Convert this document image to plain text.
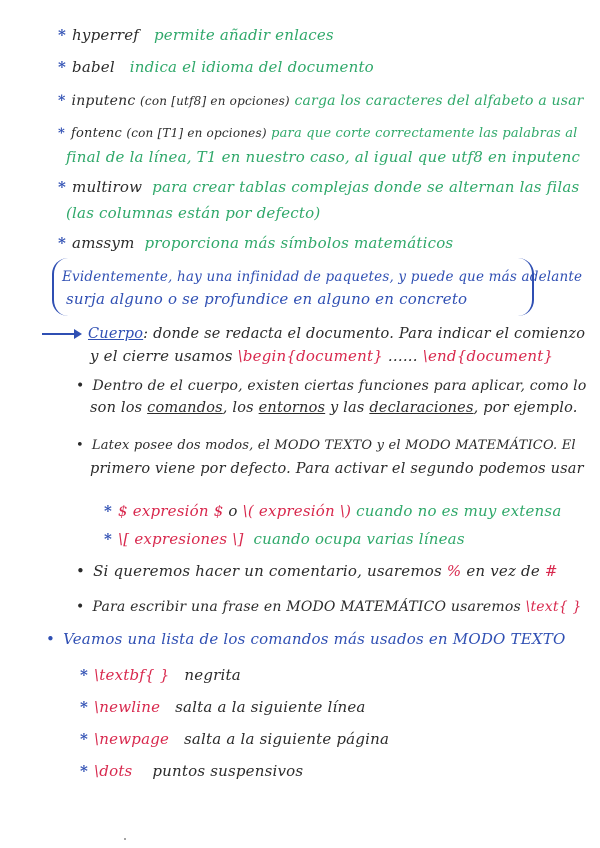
* hyperref permite añadir enlaces
* babel indica el idioma del documento
* inputenc (con [utf8] en opciones) carga los caracteres del alfabeto a usar
* fontenc (con [T1] en opciones) para que corte correctamente las palabras al
final de la línea, T1 en nuestro caso, al igual que utf8 en inputenc
* multirow para crear tablas complejas donde se alternan las filas
(las columnas están por defecto)
* amssym proporciona más símbolos matemáticos
Evidentemente, hay una infinidad de paquetes, y puede que más adelante
surja alguno o se profundice en alguno en concreto
Cuerpo: donde se redacta el documento. Para indicar el comienzo
y el cierre usamos \begin{document} ...... \end{document}
• Dentro de el cuerpo, existen ciertas funciones para aplicar, como lo
son los comandos, los entornos y las declaraciones, por ejemplo.
• Latex posee dos modos, el MODO TEXTO y el MODO MATEMÁTICO. El
primero viene por defecto. Para activar el segundo podemos usar
* $ expresión $ o \( expresión \) cuando no es muy extensa
* \[ expresiones \] cuando ocupa varias líneas
• Si queremos hacer un comentario, usaremos % en vez de #
• Para escribir una frase en MODO MATEMÁTICO usaremos \text{ }
• Veamos una lista de los comandos más usados en MODO TEXTO
* \textbf{ } negrita
* \newline salta a la siguiente línea
* \newpage salta a la siguiente página
* \dots puntos suspensivos
